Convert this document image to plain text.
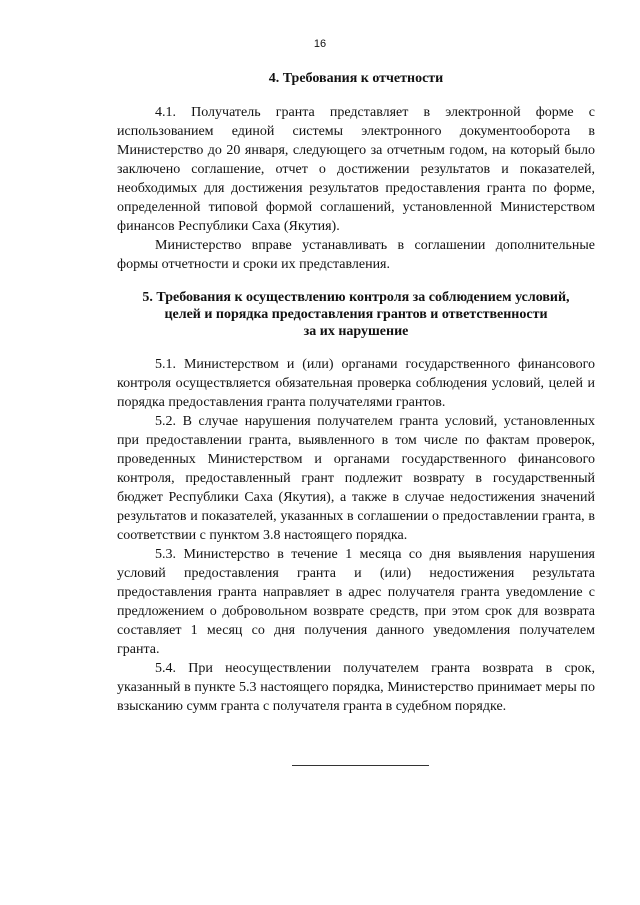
16
4. Требования к отчетности

4.1. Получатель гранта представляет в электронной форме с использованием единой системы электронного документооборота в Министерство до 20 января, следующего за отчетным годом, на который было заключено соглашение, отчет о достижении результатов и показателей, необходимых для достижения результатов предоставления гранта по форме, определенной типовой формой соглашений, установленной Министерством финансов Республики Саха (Якутия).

Министерство вправе устанавливать в соглашении дополнительные формы отчетности и сроки их представления.

5. Требования к осуществлению контроля за соблюдением условий,
целей и порядка предоставления грантов и ответственности
за их нарушение

5.1. Министерством и (или) органами государственного финансового контроля осуществляется обязательная проверка соблюдения условий, целей и порядка предоставления гранта получателями грантов.

5.2. В случае нарушения получателем гранта условий, установленных при предоставлении гранта, выявленного в том числе по фактам проверок, проведенных Министерством и органами государственного финансового контроля, предоставленный грант подлежит возврату в государственный бюджет Республики Саха (Якутия), а также в случае недостижения значений результатов и показателей, указанных в соглашении о предоставлении гранта, в соответствии с пунктом 3.8 настоящего порядка.

5.3. Министерство в течение 1 месяца со дня выявления нарушения условий предоставления гранта и (или) недостижения результата предоставления гранта направляет в адрес получателя гранта уведомление с предложением о добровольном возврате средств, при этом срок для возврата составляет 1 месяц со дня получения данного уведомления получателем гранта.

5.4. При неосуществлении получателем гранта возврата в срок, указанный в пункте 5.3 настоящего порядка, Министерство принимает меры по взысканию сумм гранта с получателя гранта в судебном порядке.
